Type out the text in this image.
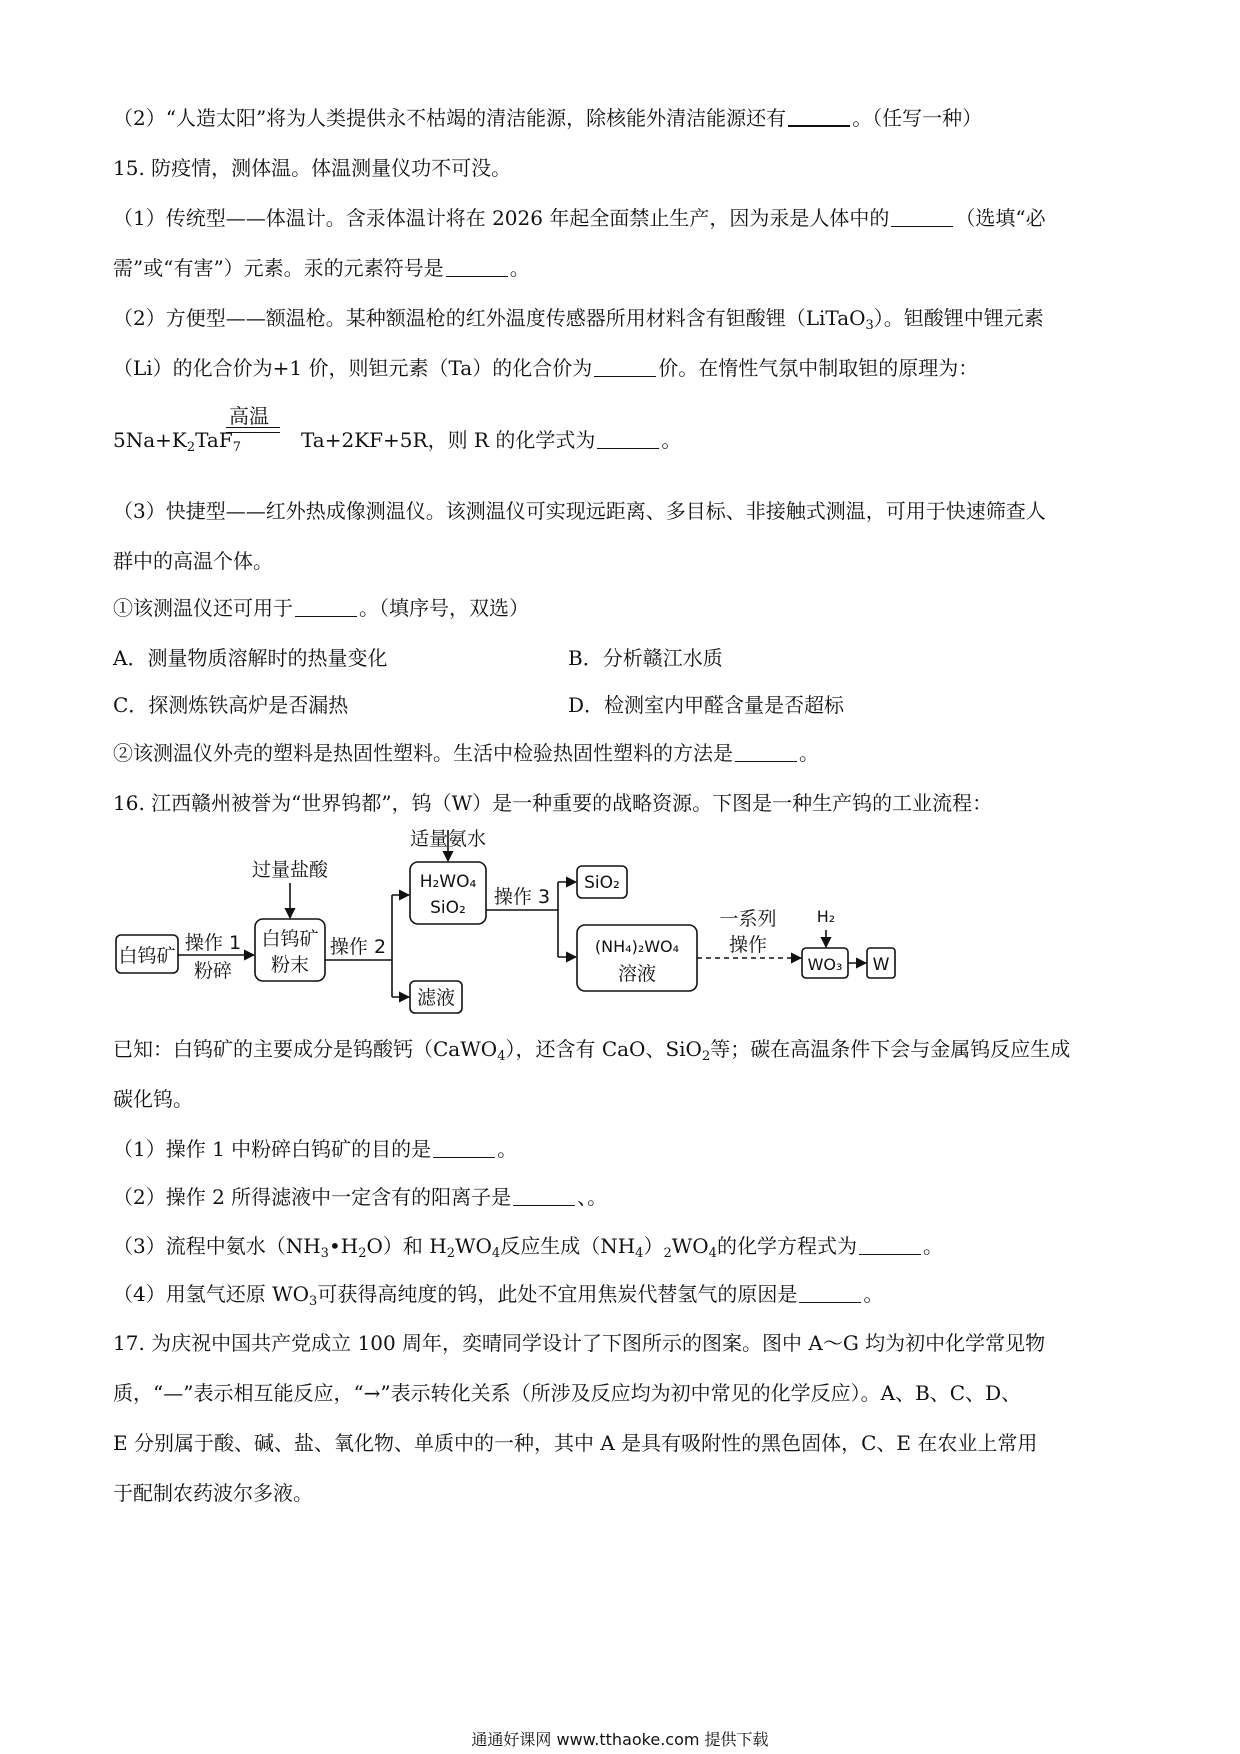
（2）“人造太阳”将为人类提供永不枯竭的清洁能源，除核能外清洁能源还有	。（任写一种）
15. 防疫情，测体温。体温测量仪功不可没。
（1）传统型——体温计。含汞体温计将在 2026 年起全面禁止生产，因为汞是人体中的	（选填“必
需”或“有害”）元素。汞的元素符号是	。
（2）方便型——额温枪。某种额温枪的红外温度传感器所用材料含有钽酸锂（LiTaO$_3$）。钽酸锂中锂元素
（Li）的化合价为+1 价，则钽元素（Ta）的化合价为	价。在惰性气氛中制取钽的原理为：
高温
$5Na+K_2TaF_7$	Ta+2KF+5R，则 R 的化学式为	。
（3）快捷型——红外热成像测温仪。该测温仪可实现远距离、多目标、非接触式测温，可用于快速筛查人
群中的高温个体。
①该测温仪还可用于	。（填序号，双选）
A．测量物质溶解时的热量变化	B．分析赣江水质
C．探测炼铁高炉是否漏热	D．检测室内甲醛含量是否超标
②该测温仪外壳的塑料是热固性塑料。生活中检验热固性塑料的方法是	。
16. 江西赣州被誉为“世界钨都”，钨（W）是一种重要的战略资源。下图是一种生产钨的工业流程：
白钨矿
操作 1
粉碎
过量盐酸
白钨矿
粉末
操作 2
滤液
H₂WO₄
SiO₂
适量氨水
操作 3
SiO₂
(NH₄)₂WO₄
溶液
一系列
操作
H₂
WO₃ W
已知：白钨矿的主要成分是钨酸钙（CaWO$_4$），还含有 CaO、SiO$_2$等；碳在高温条件下会与金属钨反应生成
碳化钨。
（1）操作 1 中粉碎白钨矿的目的是	。
（2）操作 2 所得滤液中一定含有的阳离子是	、。
（3）流程中氨水$(NH_3•H_2O)$和 $H_2WO_4$反应生成$(NH_4)_2WO_4$的化学方程式为	。
（4）用氢气还原 $WO_3$可获得高纯度的钨，此处不宜用焦炭代替氢气的原因是	。
17. 为庆祝中国共产党成立 100 周年，奕晴同学设计了下图所示的图案。图中 A～G 均为初中化学常见物
质，“—”表示相互能反应，“→”表示转化关系（所涉及反应均为初中常见的化学反应）。A、B、C、D、
E 分别属于酸、碱、盐、氧化物、单质中的一种，其中 A 是具有吸附性的黑色固体，C、E 在农业上常用
于配制农药波尔多液。
通通好课网 www.tthaoke.com 提供下载
